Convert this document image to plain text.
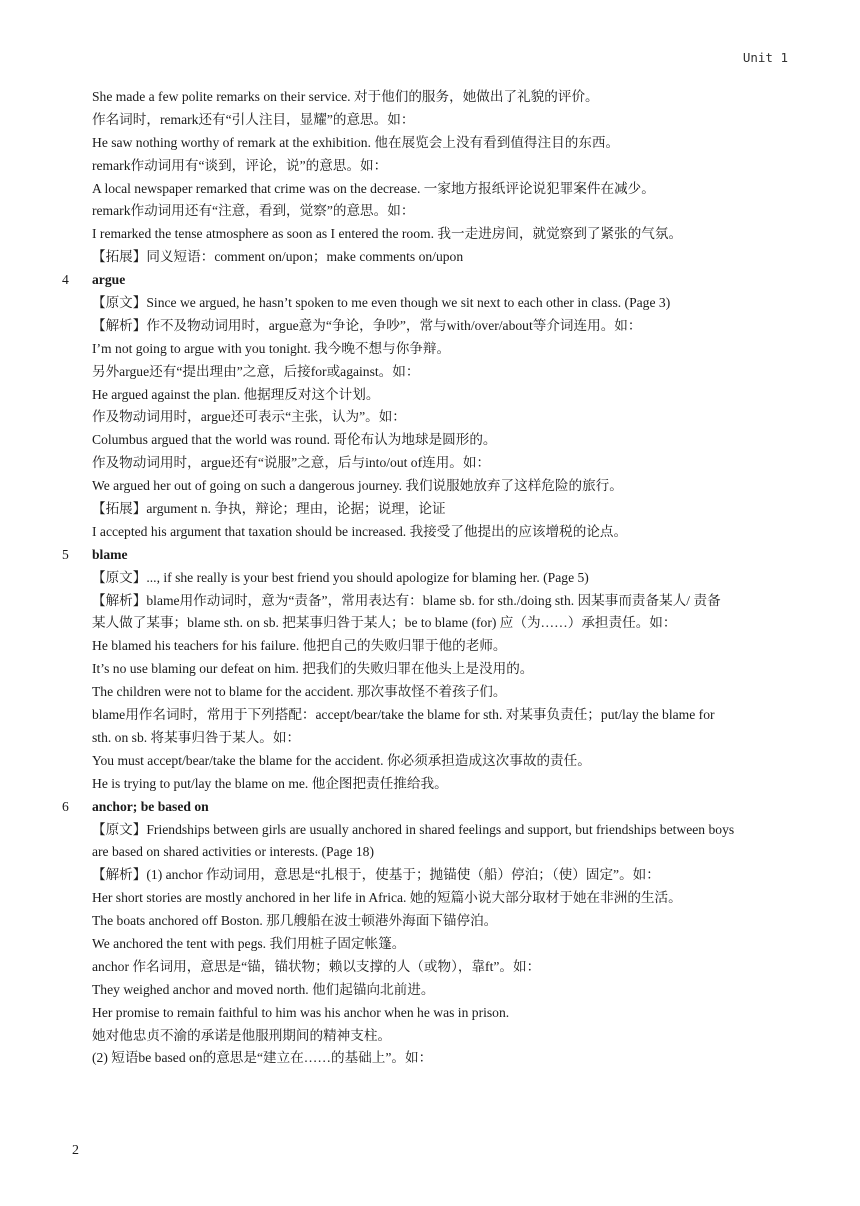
Unit 1
She made a few polite remarks on their service. 对于他们的服务，她做出了礼貌的评价。
作名词时，remark还有“引人注目，显耀”的意思。如：
He saw nothing worthy of remark at the exhibition. 他在展览会上没有看到值得注目的东西。
remark作动词用有“谈到，评论，说”的意思。如：
A local newspaper remarked that crime was on the decrease. 一家地方报纸评论说犯罪案件在减少。
remark作动词用还有“注意，看到，觉察”的意思。如：
I remarked the tense atmosphere as soon as I entered the room. 我一走进房间，就觉察到了紧张的气氛。
【拓展】同义短语：comment on/upon；make comments on/upon
4 argue
【原文】Since we argued, he hasn’t spoken to me even though we sit next to each other in class. (Page 3)
【解析】作不及物动词用时，argue意为“争论，争吵”，常与with/over/about等介词连用。如：
I’m not going to argue with you tonight. 我今晚不想与你争辩。
另外argue还有“提出理由”之意，后接for或against。如：
He argued against the plan. 他据理反对这个计划。
作及物动词用时，argue还可表示“主张，认为”。如：
Columbus argued that the world was round. 哥伦布认为地球是圆形的。
作及物动词用时，argue还有“说服”之意，后与into/out of连用。如：
We argued her out of going on such a dangerous journey. 我们说服她放弃了这样危险的旅行。
【拓展】argument n. 争执，辩论；理由，论据；说理，论证
I accepted his argument that taxation should be increased. 我接受了他提出的应该增税的论点。
5 blame
【原文】..., if she really is your best friend you should apologize for blaming her. (Page 5)
【解析】blame用作动词时，意为“责备”，常用表达有：blame sb. for sth./doing sth. 因某事而责备某人/ 责备
某人做了某事；blame sth. on sb. 把某事归咎于某人；be to blame (for) 应（为……）承担责任。如：
He blamed his teachers for his failure. 他把自己的失败归罪于他的老师。
It’s no use blaming our defeat on him. 把我们的失败归罪在他头上是没用的。
The children were not to blame for the accident. 那次事故怪不着孩子们。
blame用作名词时，常用于下列搭配：accept/bear/take the blame for sth. 对某事负责任；put/lay the blame for
sth. on sb. 将某事归咎于某人。如：
You must accept/bear/take the blame for the accident. 你必须承担造成这次事故的责任。
He is trying to put/lay the blame on me. 他企图把责任推给我。
6 anchor; be based on
【原文】Friendships between girls are usually anchored in shared feelings and support, but friendships between boys
are based on shared activities or interests. (Page 18)
【解析】(1) anchor 作动词用，意思是“扎根于，使基于；抛锚使（船）停泊；（使）固定”。如：
Her short stories are mostly anchored in her life in Africa. 她的短篇小说大部分取材于她在非洲的生活。
The boats anchored off Boston. 那几艘船在波士顿港外海面下锚停泊。
We anchored the tent with pegs. 我们用桩子固定帐篷。
anchor 作名词用，意思是“锚，锚状物；赖以支撑的人（或物），靠ft”。如：
They weighed anchor and moved north. 他们起锚向北前进。
Her promise to remain faithful to him was his anchor when he was in prison.
她对他忠贞不渝的承诺是他服刑期间的精神支柱。
(2) 短语be based on的意思是“建立在……的基础上”。如：
2
